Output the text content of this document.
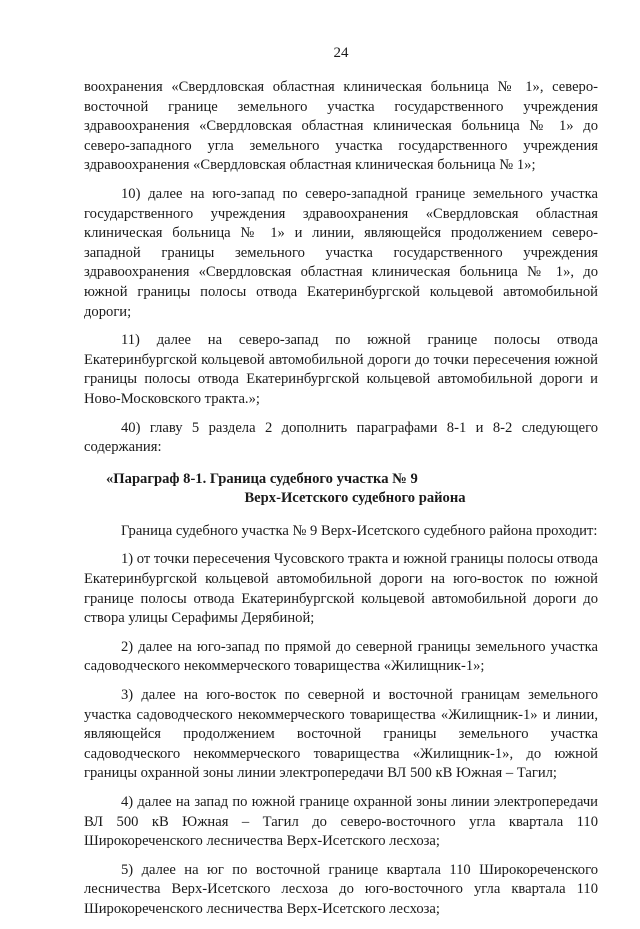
24

воохранения «Свердловская областная клиническая больница № 1», северо-восточной границе земельного участка государственного учреждения здравоохранения «Свердловская областная клиническая больница № 1» до северо-западного угла земельного участка государственного учреждения здравоохранения «Свердловская областная клиническая больница № 1»;

10) далее на юго-запад по северо-западной границе земельного участка государственного учреждения здравоохранения «Свердловская областная клиническая больница № 1» и линии, являющейся продолжением северо-западной границы земельного участка государственного учреждения здравоохранения «Свердловская областная клиническая больница № 1», до южной границы полосы отвода Екатеринбургской кольцевой автомобильной дороги;

11) далее на северо-запад по южной границе полосы отвода Екатеринбургской кольцевой автомобильной дороги до точки пересечения южной границы полосы отвода Екатеринбургской кольцевой автомобильной дороги и Ново-Московского тракта.»;

40) главу 5 раздела 2 дополнить параграфами 8-1 и 8-2 следующего содержания:

«Параграф 8-1. Граница судебного участка № 9
Верх-Исетского судебного района

Граница судебного участка № 9 Верх-Исетского судебного района проходит:

1) от точки пересечения Чусовского тракта и южной границы полосы отвода Екатеринбургской кольцевой автомобильной дороги на юго-восток по южной границе полосы отвода Екатеринбургской кольцевой автомобильной дороги до створа улицы Серафимы Дерябиной;

2) далее на юго-запад по прямой до северной границы земельного участка садоводческого некоммерческого товарищества «Жилищник-1»;

3) далее на юго-восток по северной и восточной границам земельного участка садоводческого некоммерческого товарищества «Жилищник-1» и линии, являющейся продолжением восточной границы земельного участка садоводческого некоммерческого товарищества «Жилищник-1», до южной границы охранной зоны линии электропередачи ВЛ 500 кВ Южная – Тагил;

4) далее на запад по южной границе охранной зоны линии электропередачи ВЛ 500 кВ Южная – Тагил до северо-восточного угла квартала 110 Широкореченского лесничества Верх-Исетского лесхоза;

5) далее на юг по восточной границе квартала 110 Широкореченского лесничества Верх-Исетского лесхоза до юго-восточного угла квартала 110 Широкореченского лесничества Верх-Исетского лесхоза;
